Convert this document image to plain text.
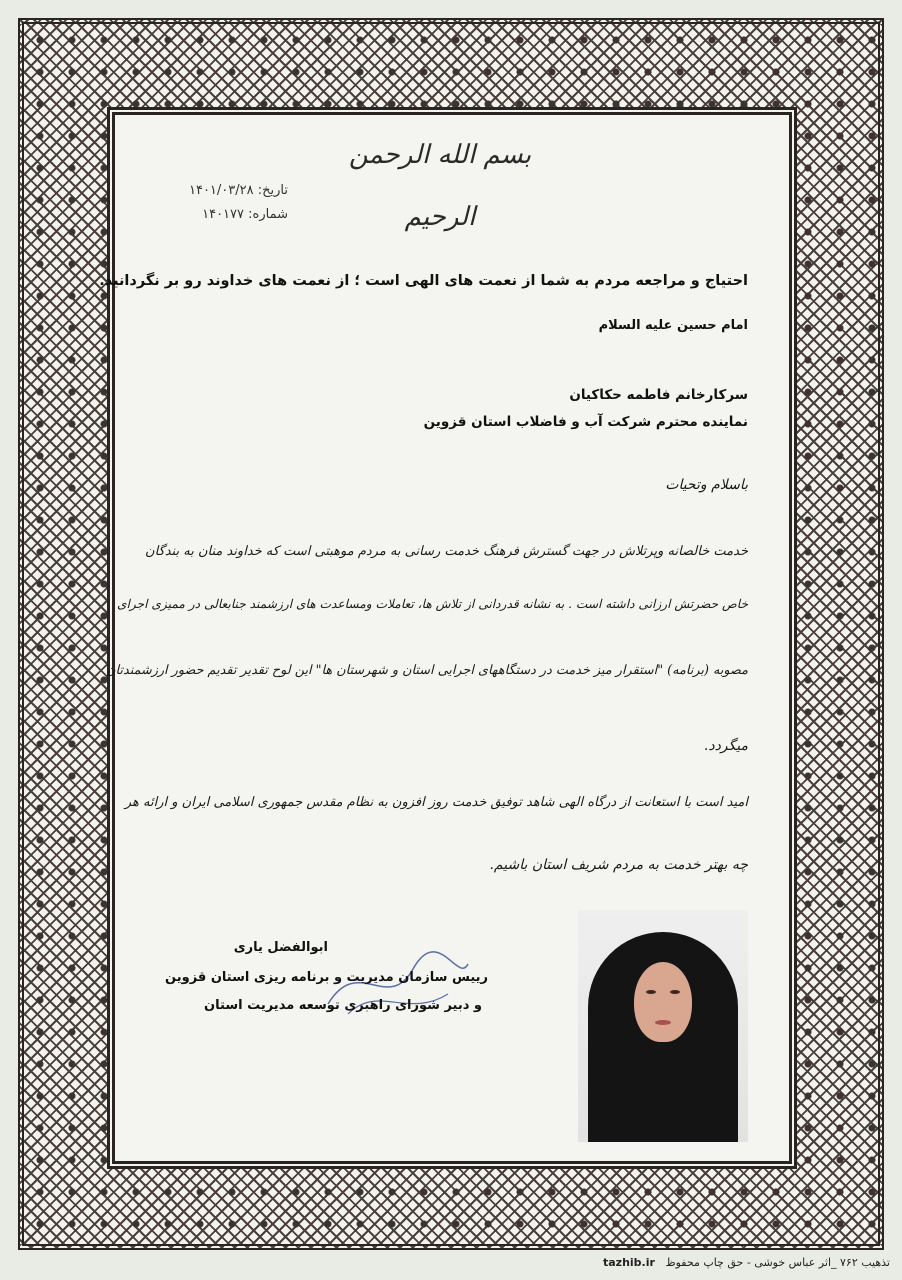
بسم الله الرحمن الرحیم
تاریخ: ۱۴۰۱/۰۳/۲۸
شماره: ۱۴۰۱۷۷
احتیاج و مراجعه مردم به شما از نعمت های الهی است ؛ از نعمت های خداوند رو بر نگردانید.
امام حسین علیه السلام
سرکارخانم فاطمه حکاکیان
نماینده محترم شرکت آب و فاضلاب استان قزوین
باسلام وتحیات
خدمت خالصانه وپرتلاش در جهت گسترش فرهنگ خدمت رسانی به مردم موهبتی است که خداوند منان به بندگان
خاص حضرتش ارزانی داشته است . به نشانه قدردانی از تلاش ها، تعاملات ومساعدت های ارزشمند جنابعالی در ممیزی اجرای
مصوبه (برنامه) "استقرار میز خدمت در دستگاههای اجرایی استان و شهرستان ها" این لوح تقدیر تقدیم حضور ارزشمندتان
میگردد.
امید است با استعانت از درگاه الهی شاهد توفیق خدمت روز افزون به نظام مقدس جمهوری اسلامی ایران و ارائه هر
چه بهتر خدمت به مردم شریف استان باشیم.
ابوالفضل یاری
رییس سازمان مدیریت و برنامه ریزی استان قزوین
و دبیر شورای راهبری توسعه مدیریت استان
تذهیب ۷۶۲ _اثر عباس خوشی - حق چاپ محفوظ   tazhib.ir
